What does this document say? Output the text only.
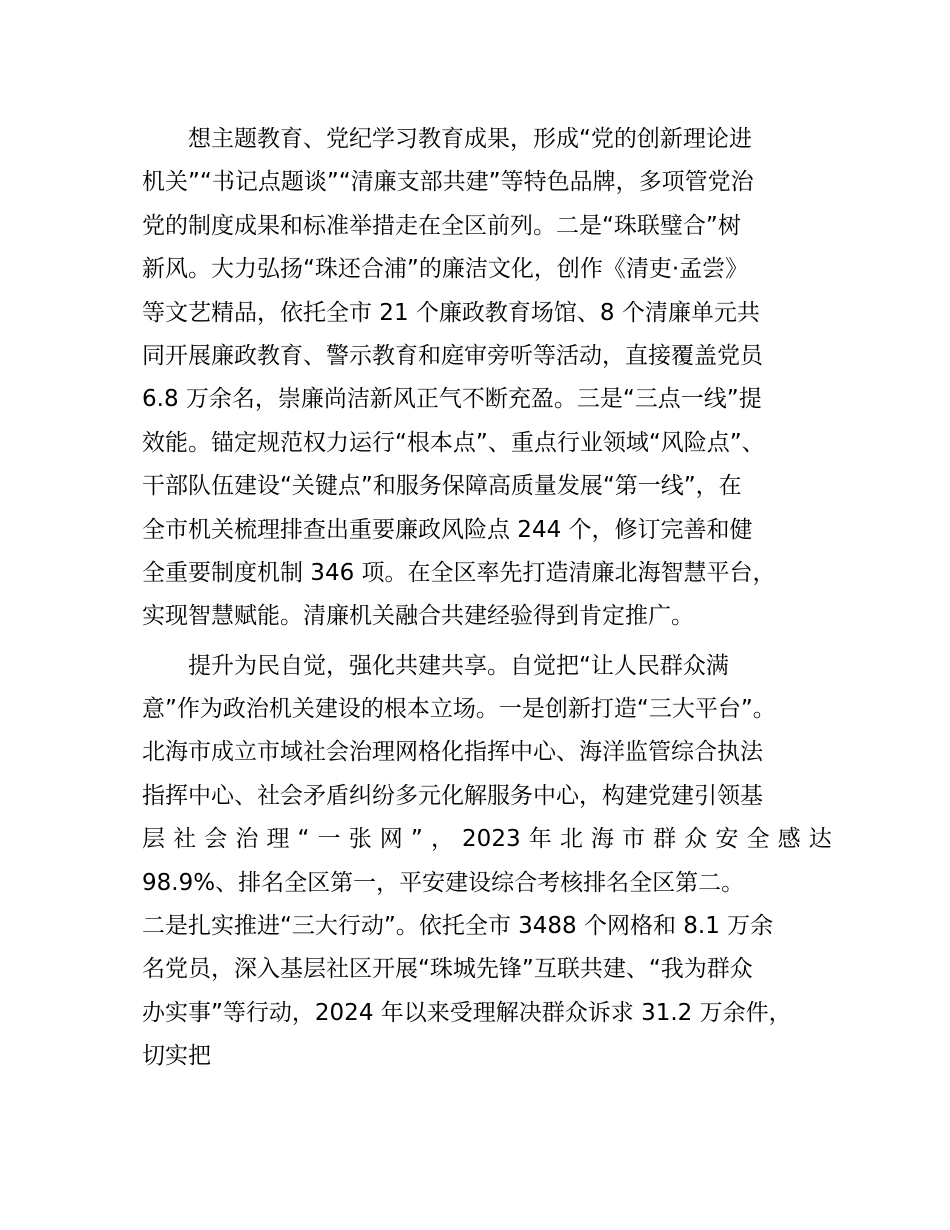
想主题教育、党纪学习教育成果，形成“党的创新理论进
机关”“书记点题谈”“清廉支部共建”等特色品牌，多项管党治
党的制度成果和标准举措走在全区前列。二是“珠联璧合”树
新风。大力弘扬“珠还合浦”的廉洁文化，创作《清吏·孟尝》
等文艺精品，依托全市 21 个廉政教育场馆、8 个清廉单元共
同开展廉政教育、警示教育和庭审旁听等活动，直接覆盖党员
6.8 万余名，崇廉尚洁新风正气不断充盈。三是“三点一线”提
效能。锚定规范权力运行“根本点”、重点行业领域“风险点”、
干部队伍建设“关键点”和服务保障高质量发展“第一线”，在
全市机关梳理排查出重要廉政风险点 244 个，修订完善和健
全重要制度机制 346 项。在全区率先打造清廉北海智慧平台，
实现智慧赋能。清廉机关融合共建经验得到肯定推广。
提升为民自觉，强化共建共享。自觉把“让人民群众满
意”作为政治机关建设的根本立场。一是创新打造“三大平台”。
北海市成立市域社会治理网格化指挥中心、海洋监管综合执法
指挥中心、社会矛盾纠纷多元化解服务中心，构建党建引领基
层 社 会 治 理 “ 一 张 网 ” ， 2023 年 北 海 市 群 众 安 全 感 达
98.9%、排名全区第一，平安建设综合考核排名全区第二。
二是扎实推进“三大行动”。依托全市 3488 个网格和 8.1 万余
名党员，深入基层社区开展“珠城先锋”互联共建、“我为群众
办实事”等行动，2024 年以来受理解决群众诉求 31.2 万余件，
切实把
